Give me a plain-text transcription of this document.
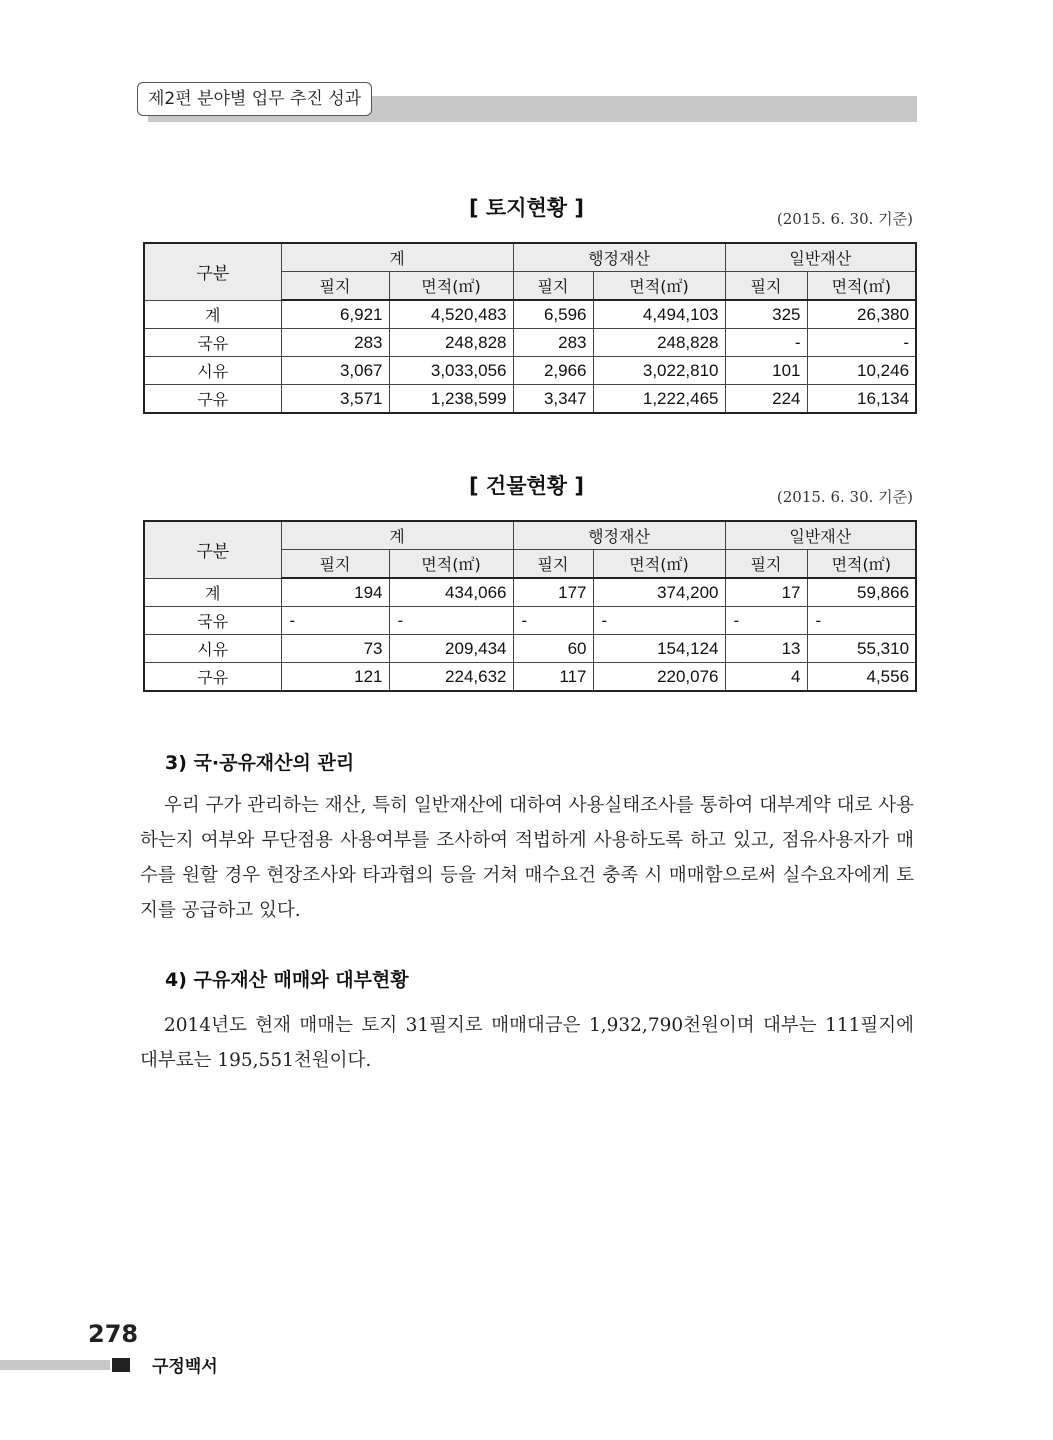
제2편 분야별 업무 추진 성과
[ 토지현황 ]	(2015. 6. 30. 기준)
구분	계		행정재산		일반재산	
	필지	면적(㎡)	필지	면적(㎡)	필지	면적(㎡)
계	6,921	4,520,483	6,596	4,494,103	325	26,380
국유	283	248,828	283	248,828	-	-
시유	3,067	3,033,056	2,966	3,022,810	101	10,246
구유	3,571	1,238,599	3,347	1,222,465	224	16,134
[ 건물현황 ]	(2015. 6. 30. 기준)
구분	계		행정재산		일반재산	
	필지	면적(㎡)	필지	면적(㎡)	필지	면적(㎡)
계	194	434,066	177	374,200	17	59,866
국유	-	-	-	-	-	-
시유	73	209,434	60	154,124	13	55,310
구유	121	224,632	117	220,076	4	4,556
3) 국·공유재산의 관리
우리 구가 관리하는 재산, 특히 일반재산에 대하여 사용실태조사를 통하여 대부계약 대로 사용하는지 여부와 무단점용 사용여부를 조사하여 적법하게 사용하도록 하고 있고, 점유사용자가 매수를 원할 경우 현장조사와 타과협의 등을 거쳐 매수요건 충족 시 매매함으로써 실수요자에게 토지를 공급하고 있다.
4) 구유재산 매매와 대부현황
2014년도 현재 매매는 토지 31필지로 매매대금은 1,932,790천원이며 대부는 111필지에 대부료는 195,551천원이다.
278
구정백서
